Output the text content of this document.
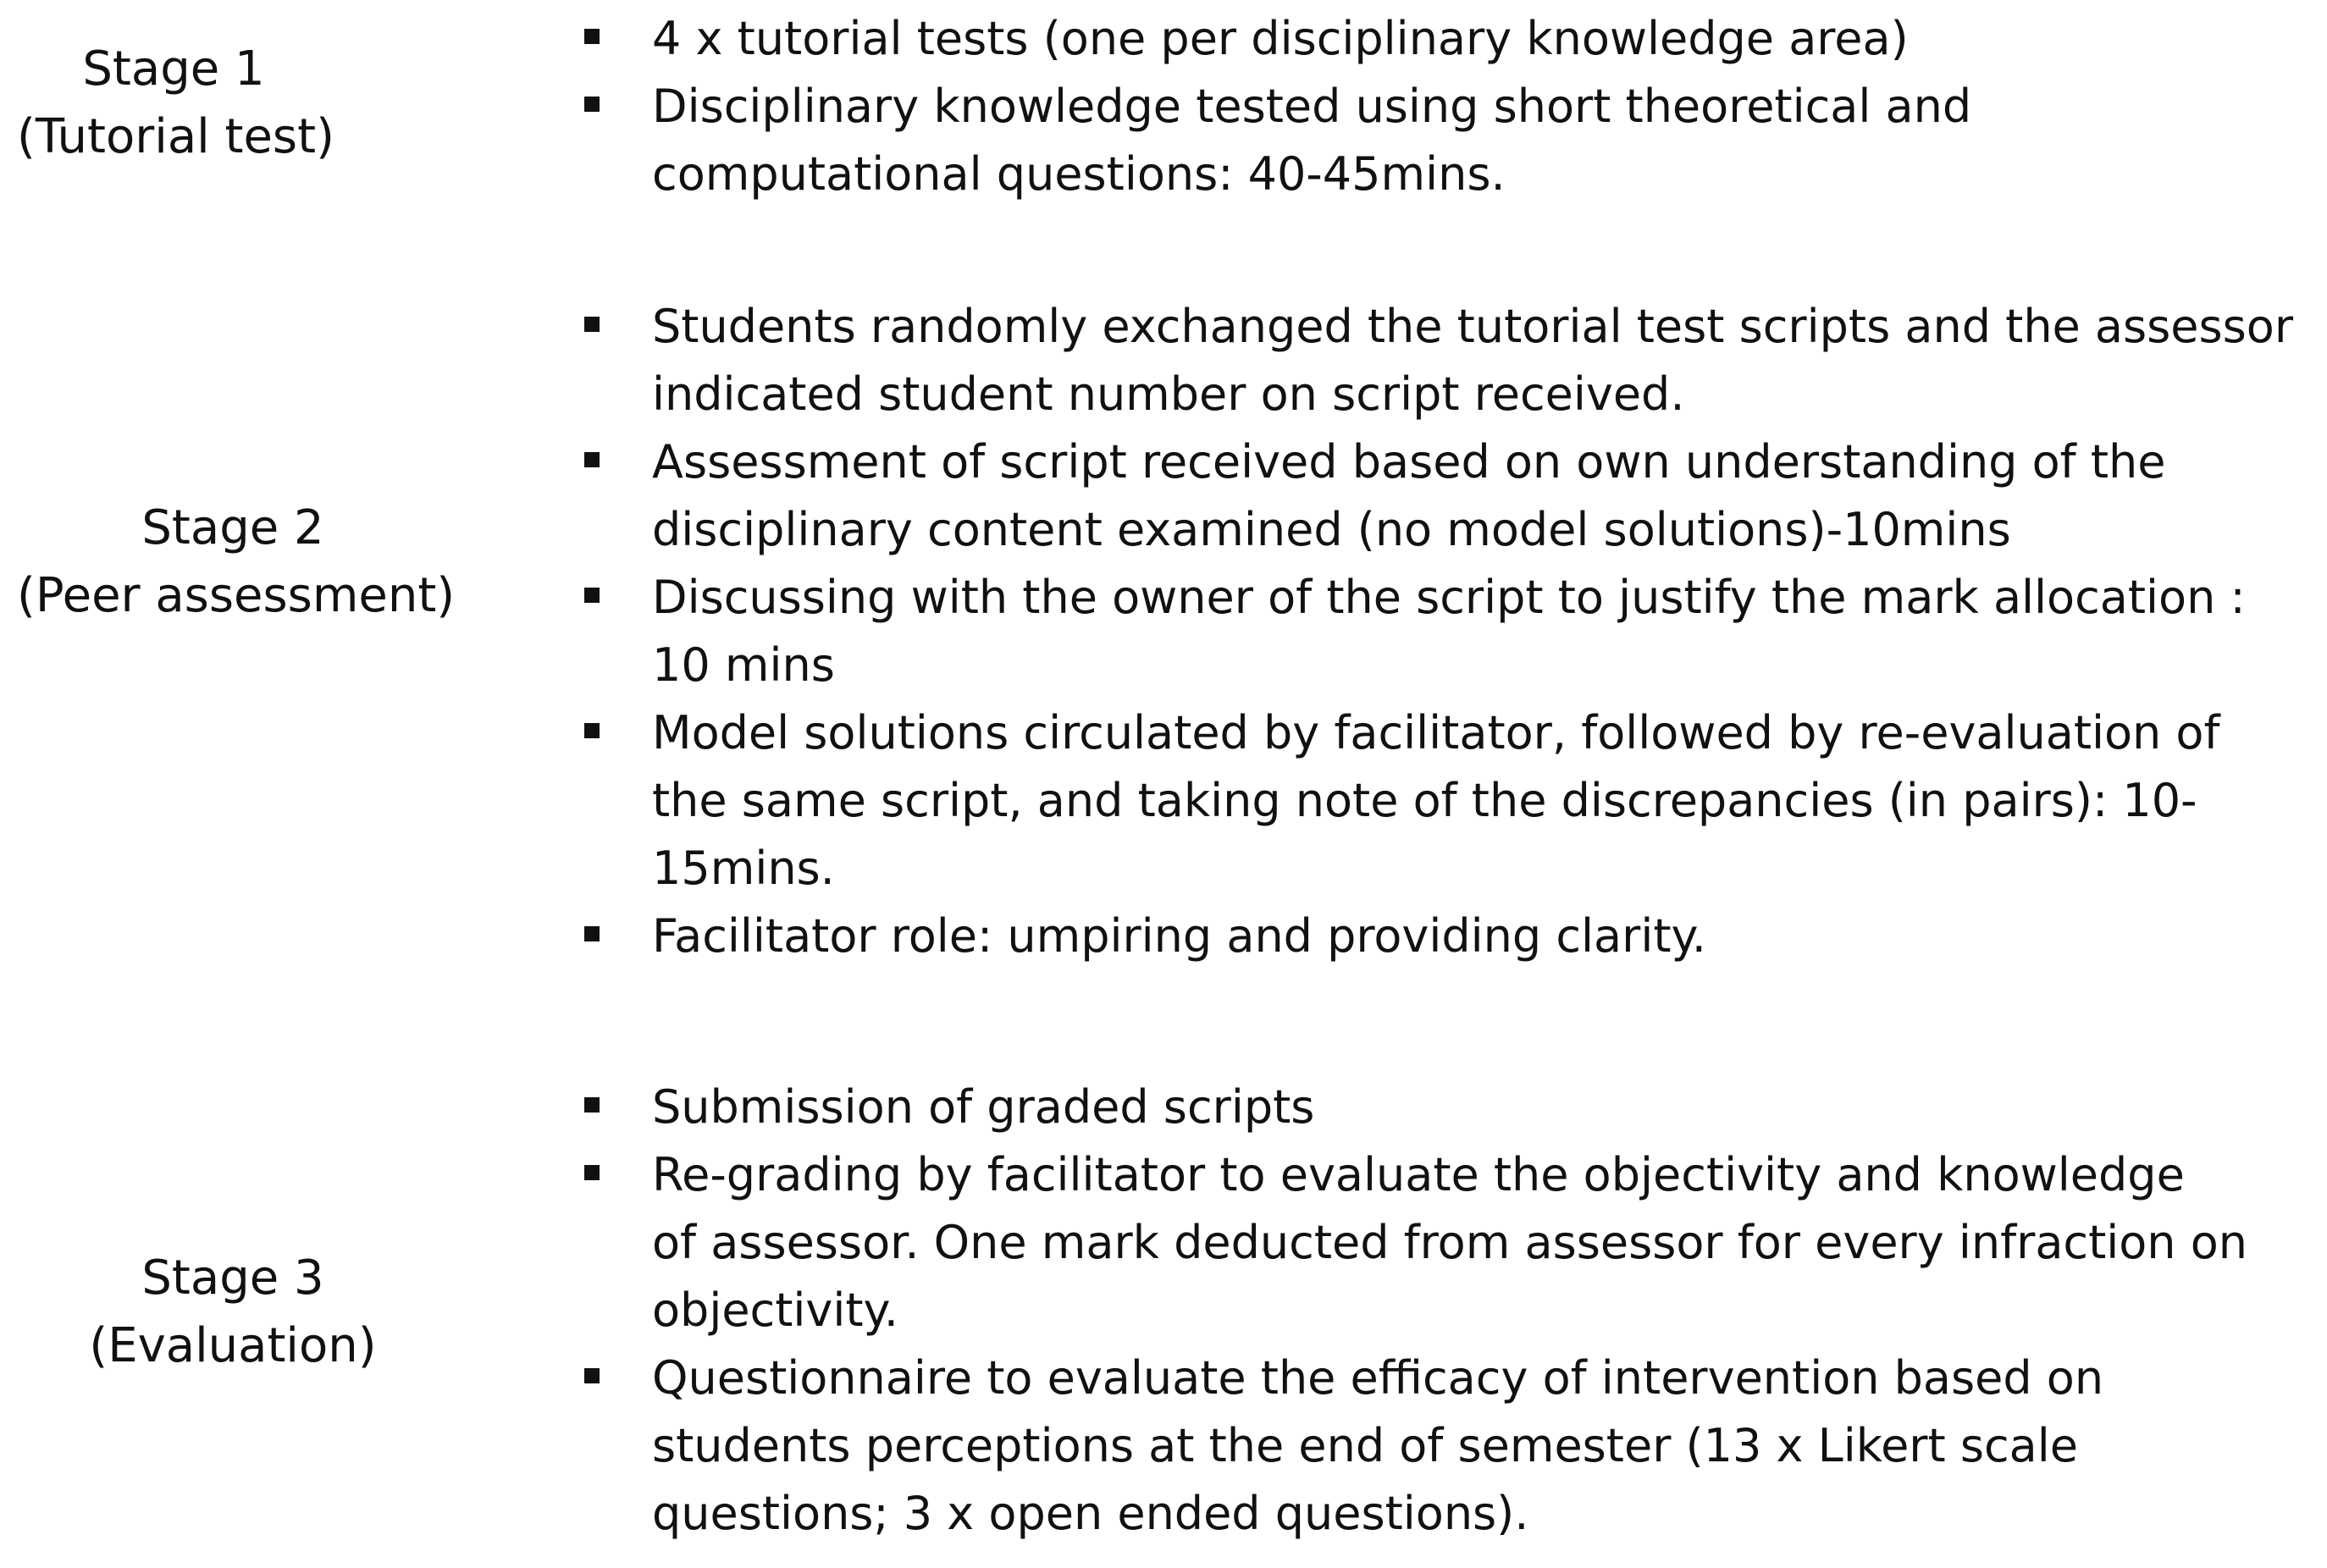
Stage 1
(Tutorial test)
4 x tutorial tests (one per disciplinary knowledge area)
Disciplinary knowledge tested using short theoretical and
computational questions: 40-45mins.
Stage 2
(Peer assessment)
Students randomly exchanged the tutorial test scripts and the assessor
indicated student number on script received.
Assessment of script received based on own understanding of the
disciplinary content examined (no model solutions)-10mins
Discussing with the owner of the script to justify the mark allocation :
10 mins
Model solutions circulated by facilitator, followed by re-evaluation of
the same script, and taking note of the discrepancies (in pairs): 10-
15mins.
Facilitator role: umpiring and providing clarity.
Stage 3
(Evaluation)
Submission of graded scripts
Re-grading by facilitator to evaluate the objectivity and knowledge
of assessor. One mark deducted from assessor for every infraction on
objectivity.
Questionnaire to evaluate the efficacy of intervention based on
students perceptions at the end of semester (13 x Likert scale
questions; 3 x open ended questions).
